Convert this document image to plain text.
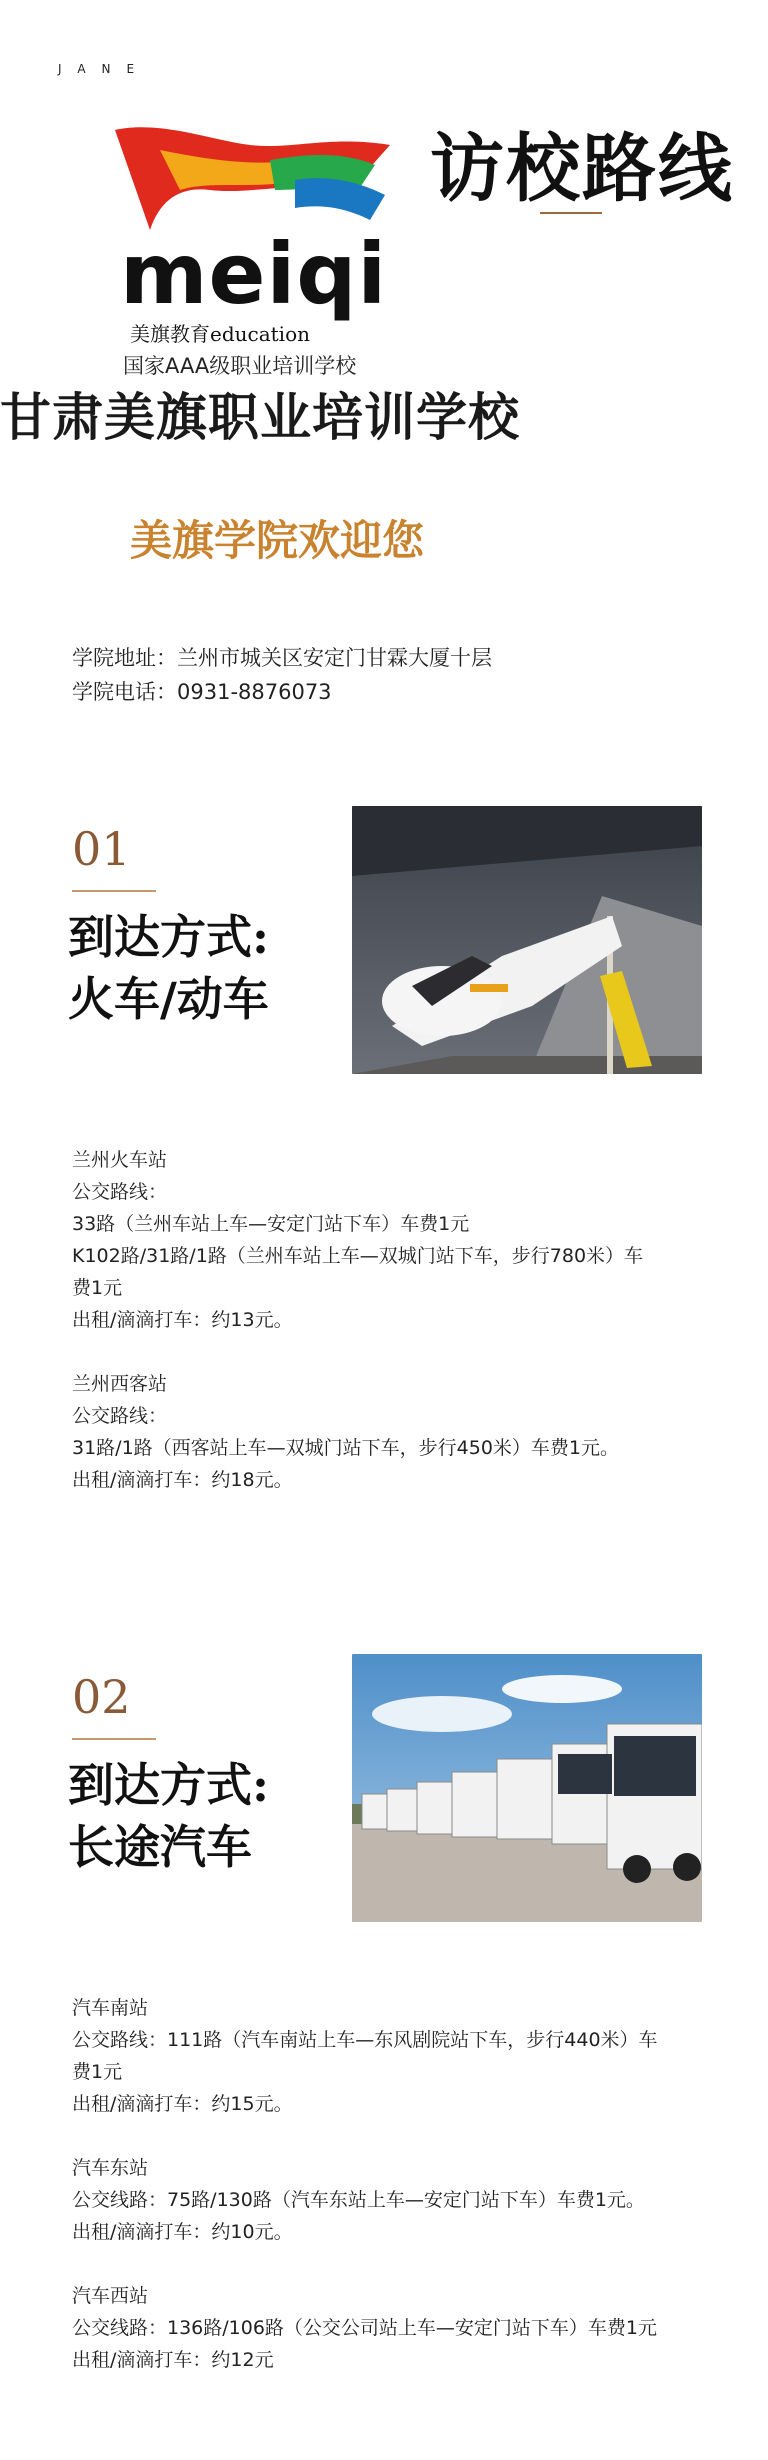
JANE
meiqi
美旗教育education
国家AAA级职业培训学校
访校路线
甘肃美旗职业培训学校
美旗学院欢迎您
学院地址：兰州市城关区安定门甘霖大厦十层
学院电话：0931-8876073
01
到达方式:
火车/动车

兰州火车站

公交路线：

33路（兰州车站上车—安定门站下车）车费1元

K102路/31路/1路（兰州车站上车—双城门站下车，步行780米）车

费1元

出租/滴滴打车：约13元。

兰州西客站

公交路线：

31路/1路（西客站上车—双城门站下车，步行450米）车费1元。

出租/滴滴打车：约18元。

02
到达方式:
长途汽车

汽车南站

公交路线：111路（汽车南站上车—东风剧院站下车，步行440米）车

费1元

出租/滴滴打车：约15元。

汽车东站

公交线路：75路/130路（汽车东站上车—安定门站下车）车费1元。

出租/滴滴打车：约10元。

汽车西站

公交线路：136路/106路（公交公司站上车—安定门站下车）车费1元

出租/滴滴打车：约12元
